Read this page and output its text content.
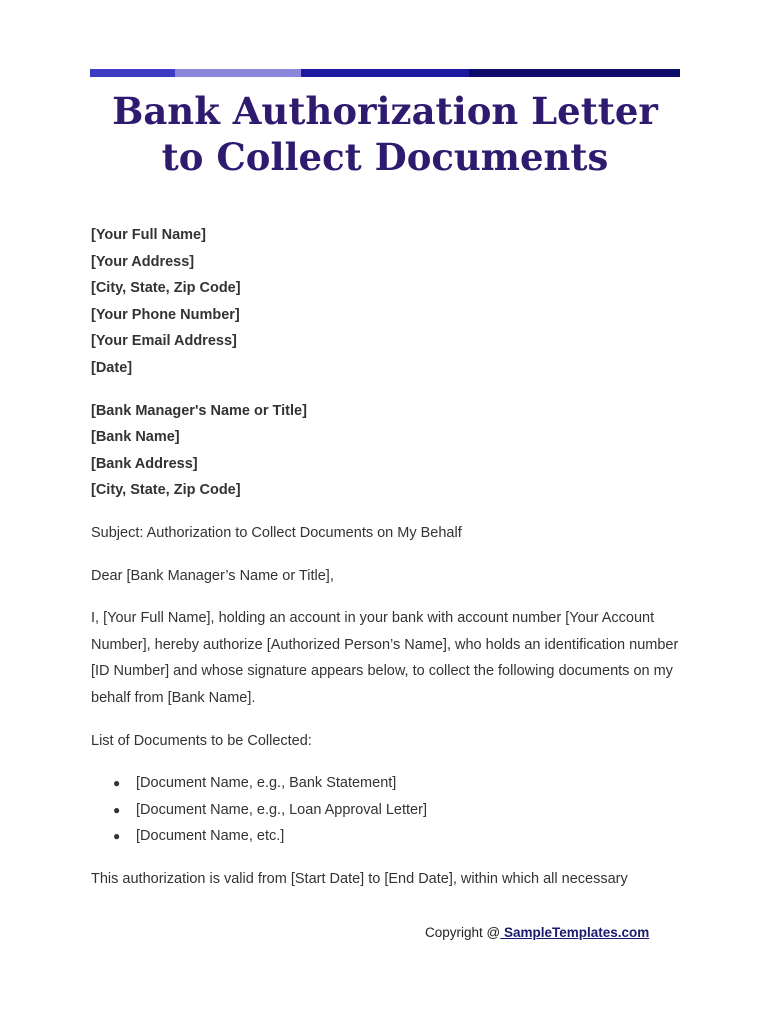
Bank Authorization Letter
to Collect Documents

[Your Full Name]

[Your Address]

[City, State, Zip Code]

[Your Phone Number]

[Your Email Address]

[Date]

[Bank Manager's Name or Title]

[Bank Name]

[Bank Address]

[City, State, Zip Code]

Subject: Authorization to Collect Documents on My Behalf

Dear [Bank Manager’s Name or Title],

I, [Your Full Name], holding an account in your bank with account number [Your Account Number], hereby authorize [Authorized Person’s Name], who holds an identification number [ID Number] and whose signature appears below, to collect the following documents on my behalf from [Bank Name].

List of Documents to be Collected:

● [Document Name, e.g., Bank Statement]
● [Document Name, e.g., Loan Approval Letter]
● [Document Name, etc.]

This authorization is valid from [Start Date] to [End Date], within which all necessary

Copyright @ SampleTemplates.com
